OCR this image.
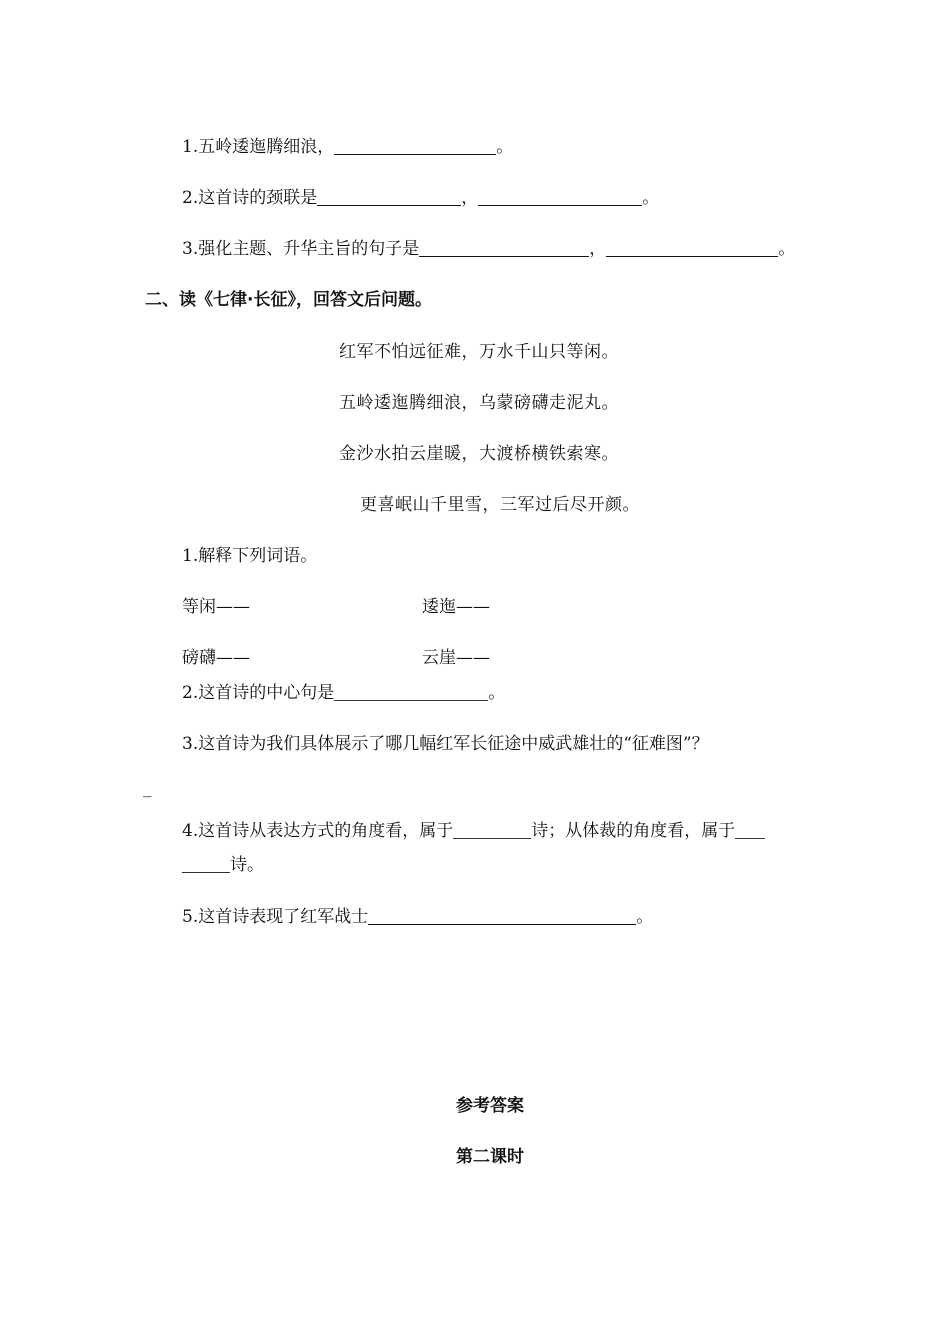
1.五岭逶迤腾细浪，	。
2.这首诗的颈联是	，	。
3.强化主题、升华主旨的句子是	，	。
二、读《七律·长征》，回答文后问题。
红军不怕远征难，万水千山只等闲。
五岭逶迤腾细浪，乌蒙磅礴走泥丸。
金沙水拍云崖暖，大渡桥横铁索寒。
更喜岷山千里雪，三军过后尽开颜。
1.解释下列词语。
等闲——	逶迤——
磅礴——	云崖——
2.这首诗的中心句是	。
3.这首诗为我们具体展示了哪几幅红军长征途中威武雄壮的“征难图”？
_
4.这首诗从表达方式的角度看，属于	诗；从体裁的角度看，属于
诗。
5.这首诗表现了红军战士	。
参考答案
第二课时
